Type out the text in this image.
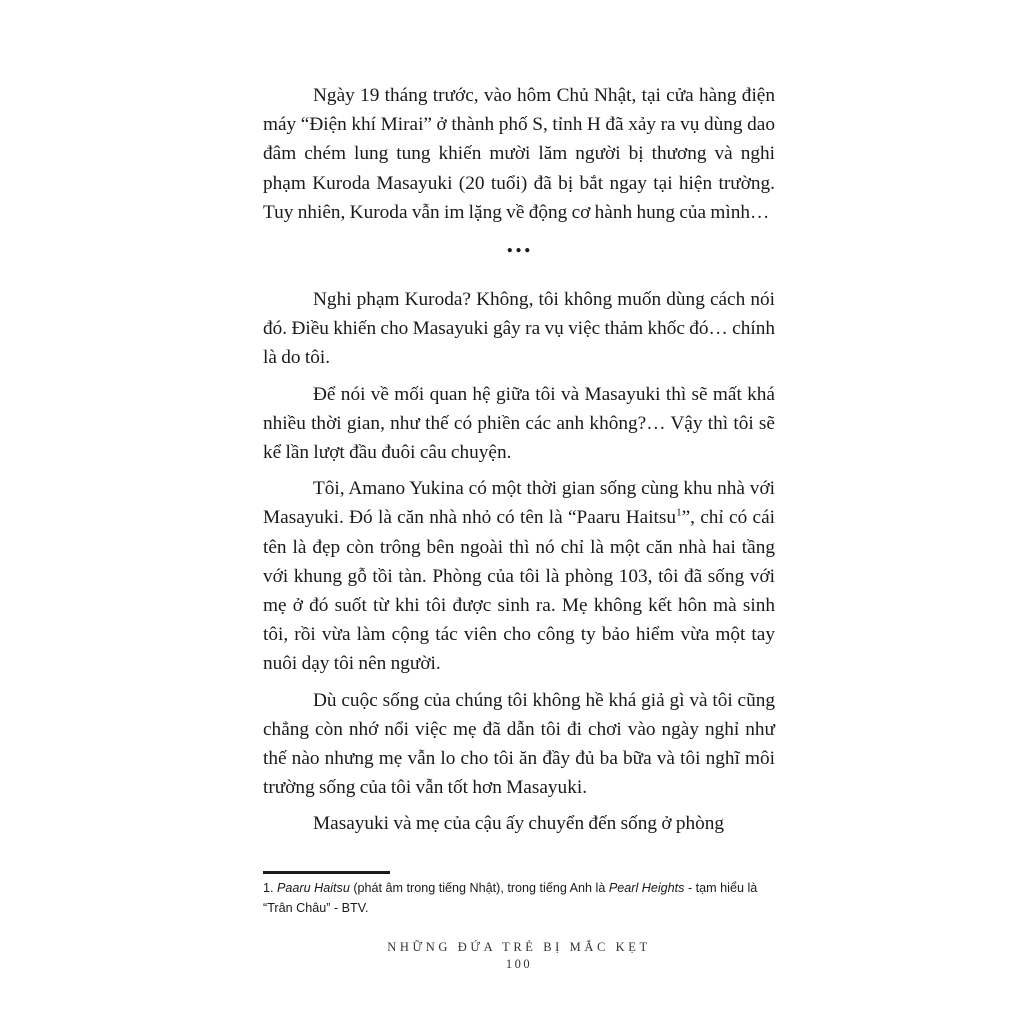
Ngày 19 tháng trước, vào hôm Chủ Nhật, tại cửa hàng điện máy “Điện khí Mirai” ở thành phố S, tỉnh H đã xảy ra vụ dùng dao đâm chém lung tung khiến mười lăm người bị thương và nghi phạm Kuroda Masayuki (20 tuổi) đã bị bắt ngay tại hiện trường. Tuy nhiên, Kuroda vẫn im lặng về động cơ hành hung của mình…

…

Nghi phạm Kuroda? Không, tôi không muốn dùng cách nói đó. Điều khiến cho Masayuki gây ra vụ việc thảm khốc đó… chính là do tôi.

Để nói về mối quan hệ giữa tôi và Masayuki thì sẽ mất khá nhiều thời gian, như thế có phiền các anh không?… Vậy thì tôi sẽ kể lần lượt đầu đuôi câu chuyện.

Tôi, Amano Yukina có một thời gian sống cùng khu nhà với Masayuki. Đó là căn nhà nhỏ có tên là “Paaru Haitsu$^1$”, chỉ có cái tên là đẹp còn trông bên ngoài thì nó chỉ là một căn nhà hai tầng với khung gỗ tồi tàn. Phòng của tôi là phòng 103, tôi đã sống với mẹ ở đó suốt từ khi tôi được sinh ra. Mẹ không kết hôn mà sinh tôi, rồi vừa làm cộng tác viên cho công ty bảo hiểm vừa một tay nuôi dạy tôi nên người.

Dù cuộc sống của chúng tôi không hề khá giả gì và tôi cũng chẳng còn nhớ nổi việc mẹ đã dẫn tôi đi chơi vào ngày nghỉ như thế nào nhưng mẹ vẫn lo cho tôi ăn đầy đủ ba bữa và tôi nghĩ môi trường sống của tôi vẫn tốt hơn Masayuki.

Masayuki và mẹ của cậu ấy chuyển đến sống ở phòng

1. Paaru Haitsu (phát âm trong tiếng Nhật), trong tiếng Anh là Pearl Heights - tạm hiểu là “Trân Châu” - BTV.

NHỮNG ĐỨA TRẺ BỊ MẮC KẸT
100
